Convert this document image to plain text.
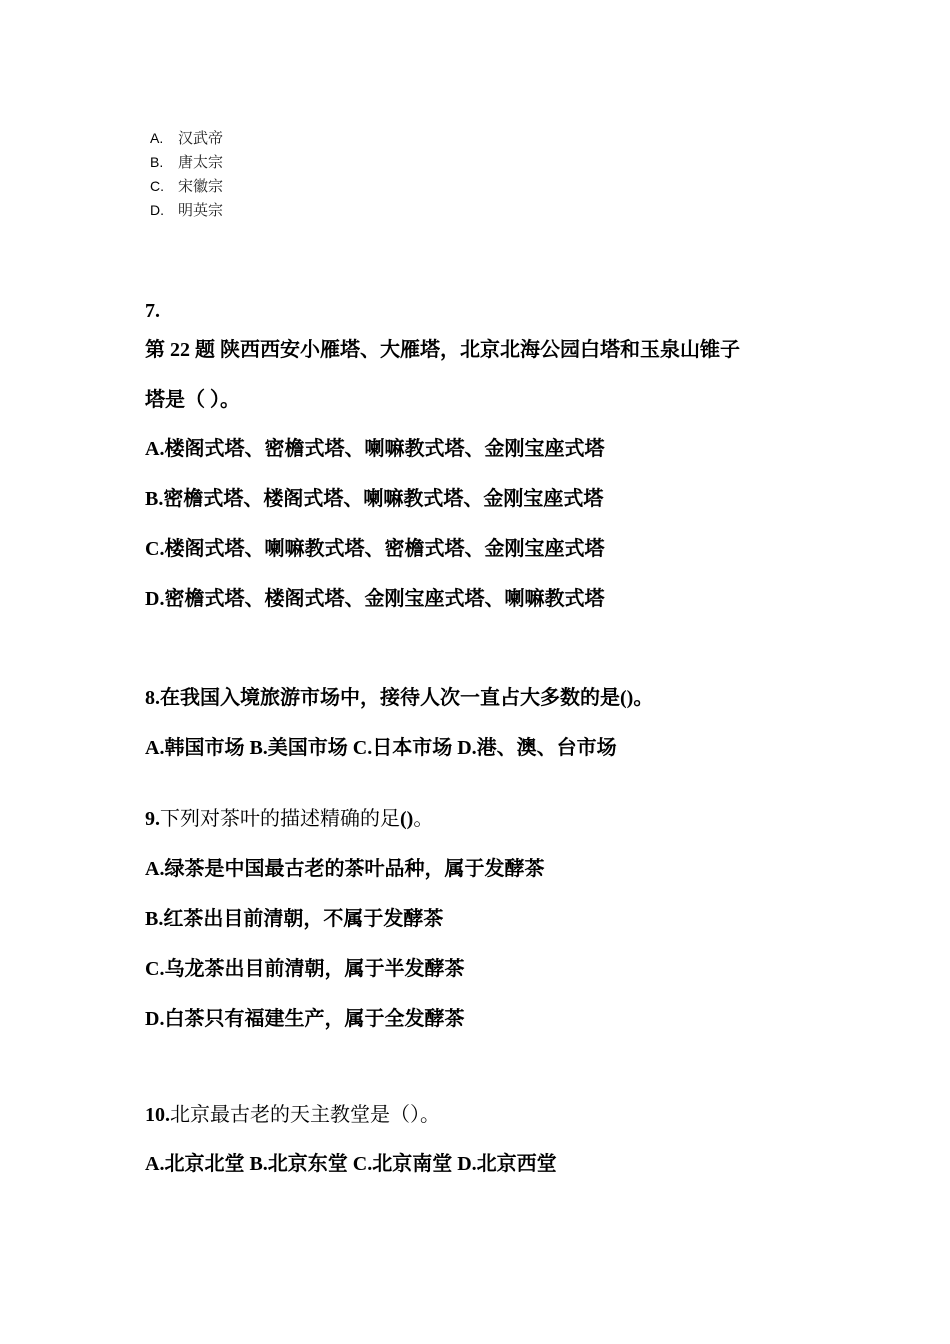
A. 汉武帝
B. 唐太宗
C. 宋徽宗
D. 明英宗
7.
第 22 题 陕西西安小雁塔、大雁塔，北京北海公园白塔和玉泉山锥子
塔是（ ）。
A.楼阁式塔、密檐式塔、喇嘛教式塔、金刚宝座式塔
B.密檐式塔、楼阁式塔、喇嘛教式塔、金刚宝座式塔
C.楼阁式塔、喇嘛教式塔、密檐式塔、金刚宝座式塔
D.密檐式塔、楼阁式塔、金刚宝座式塔、喇嘛教式塔
8.在我国入境旅游市场中，接待人次一直占大多数的是()。
A.韩国市场 B.美国市场 C.日本市场 D.港、澳、台市场
9.下列对茶叶的描述精确的足()。
A.绿茶是中国最古老的茶叶品种，属于发酵茶
B.红茶出目前清朝，不属于发酵茶
C.乌龙茶出目前清朝，属于半发酵茶
D.白茶只有福建生产，属于全发酵茶
10.北京最古老的天主教堂是（）。
A.北京北堂 B.北京东堂 C.北京南堂 D.北京西堂
